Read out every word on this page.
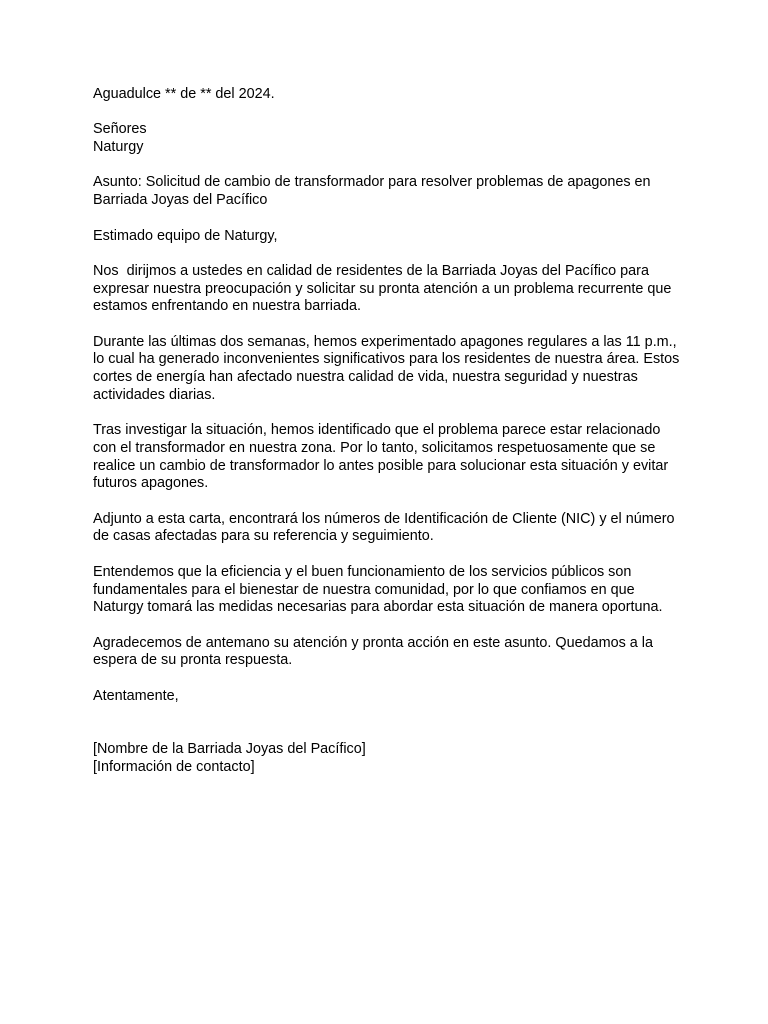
Aguadulce ** de ** del 2024.

Señores

Naturgy

Asunto: Solicitud de cambio de transformador para resolver problemas de apagones en Barriada Joyas del Pacífico

Estimado equipo de Naturgy,

Nos  dirijmos a ustedes en calidad de residentes de la Barriada Joyas del Pacífico para expresar nuestra preocupación y solicitar su pronta atención a un problema recurrente que estamos enfrentando en nuestra barriada.

Durante las últimas dos semanas, hemos experimentado apagones regulares a las 11 p.m., lo cual ha generado inconvenientes significativos para los residentes de nuestra área. Estos cortes de energía han afectado nuestra calidad de vida, nuestra seguridad y nuestras actividades diarias.

Tras investigar la situación, hemos identificado que el problema parece estar relacionado con el transformador en nuestra zona. Por lo tanto, solicitamos respetuosamente que se realice un cambio de transformador lo antes posible para solucionar esta situación y evitar futuros apagones.

Adjunto a esta carta, encontrará los números de Identificación de Cliente (NIC) y el número de casas afectadas para su referencia y seguimiento.

Entendemos que la eficiencia y el buen funcionamiento de los servicios públicos son fundamentales para el bienestar de nuestra comunidad, por lo que confiamos en que Naturgy tomará las medidas necesarias para abordar esta situación de manera oportuna.

Agradecemos de antemano su atención y pronta acción en este asunto. Quedamos a la espera de su pronta respuesta.

Atentamente,

[Nombre de la Barriada Joyas del Pacífico]

[Información de contacto]
